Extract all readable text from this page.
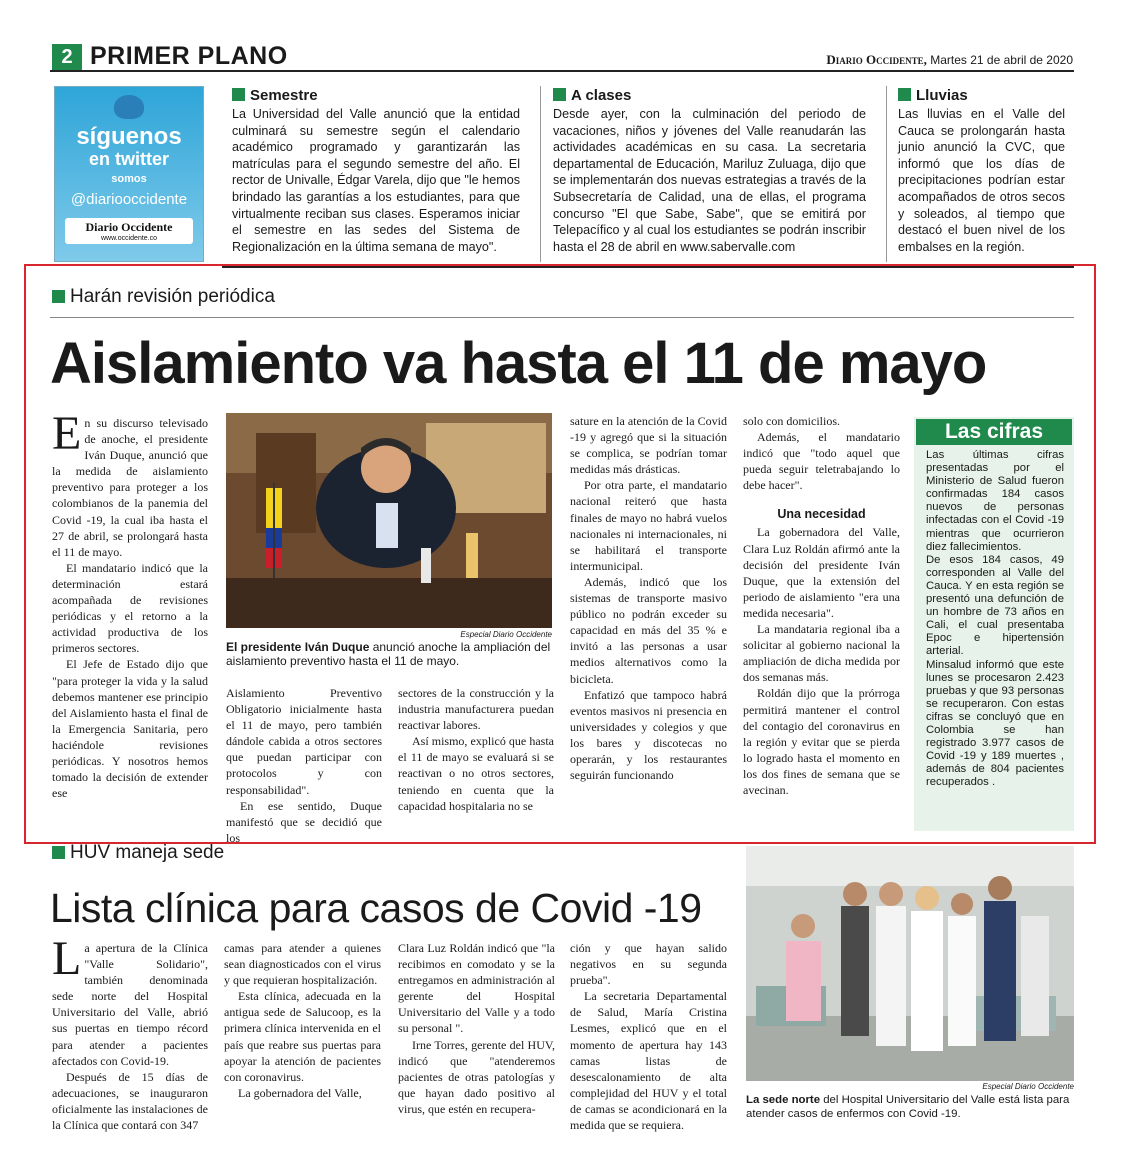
2 PRIMER PLANO	Diario Occidente, Martes 21 de abril de 2020
síguenos
en twitter
somos
@diariooccidente
Diario Occidente
www.occidente.co
Semestre

La Universidad del Valle anunció que la entidad culminará su semestre según el calendario académico programado y garantizarán las matrículas para el segundo semestre del año. El rector de Univalle, Édgar Varela, dijo que "le hemos brindado las garantías a los estudiantes, para que virtualmente reciban sus clases. Esperamos iniciar el semestre en las sedes del Sistema de Regionalización en la última semana de mayo".

A clases

Desde ayer, con la culminación del periodo de vacaciones, niños y jóvenes del Valle reanudarán las actividades académicas en su casa. La secretaria departamental de Educación, Mariluz Zuluaga, dijo que se implementarán dos nuevas estrategias a través de la Subsecretaría de Calidad, una de ellas, el programa concurso "El que Sabe, Sabe", que se emitirá por Telepacífico y al cual los estudiantes se podrán inscribir hasta el 28 de abril en www.sabervalle.com

Lluvias

Las lluvias en el Valle del Cauca se prolongarán hasta junio anunció la CVC, que informó que los días de precipitaciones podrían estar acompañados de otros secos y soleados, al tiempo que destacó el buen nivel de los embalses en la región.

Harán revisión periódica
Aislamiento va hasta el 11 de mayo

En su discurso televisado de anoche, el presidente Iván Duque, anunció que la medida de aislamiento preventivo para proteger a los colombianos de la panemia del Covid -19, la cual iba hasta el 27 de abril, se prolongará hasta el 11 de mayo.

El mandatario indicó que la determinación estará acompañada de revisiones periódicas y el retorno a la actividad productiva de los primeros sectores.

El Jefe de Estado dijo que "para proteger la vida y la salud debemos mantener ese principio del Aislamiento hasta el final de la Emergencia Sanitaria, pero haciéndole revisiones periódicas. Y nosotros hemos tomado la decisión de extender ese

Especial Diario Occidente
El presidente Iván Duque anunció anoche la ampliación del aislamiento preventivo hasta el 11 de mayo.

Aislamiento Preventivo Obligatorio inicialmente hasta el 11 de mayo, pero también dándole cabida a otros sectores que puedan participar con protocolos y con responsabilidad".

En ese sentido, Duque manifestó que se decidió que los

sectores de la construcción y la industria manufacturera puedan reactivar labores.

Así mismo, explicó que hasta el 11 de mayo se evaluará si se reactivan o no otros sectores, teniendo en cuenta que la capacidad hospitalaria no se

sature en la atención de la Covid -19 y agregó que si la situación se complica, se podrían tomar medidas más drásticas.

Por otra parte, el mandatario nacional reiteró que hasta finales de mayo no habrá vuelos nacionales ni internacionales, ni se habilitará el transporte intermunicipal.

Además, indicó que los sistemas de transporte masivo público no podrán exceder su capacidad en más del 35 % e invitó a las personas a usar medios alternativos como la bicicleta.

Enfatizó que tampoco habrá eventos masivos ni presencia en universidades y colegios y que los bares y discotecas no operarán, y los restaurantes seguirán funcionando

solo con domicilios.

Además, el mandatario indicó que "todo aquel que pueda seguir teletrabajando lo debe hacer".

Una necesidad

La gobernadora del Valle, Clara Luz Roldán afirmó ante la decisión del presidente Iván Duque, que la extensión del periodo de aislamiento "era una medida necesaria".

La mandataria regional iba a solicitar al gobierno nacional la ampliación de dicha medida por dos semanas más.

Roldán dijo que la prórroga permitirá mantener el control del contagio del coronavirus en la región y evitar que se pierda lo logrado hasta el momento en los dos fines de semana que se avecinan.

Las cifras

Las últimas cifras presentadas por el Ministerio de Salud fueron confirmadas 184 casos nuevos de personas infectadas con el Covid -19 mientras que ocurrieron diez fallecimientos.

De esos 184 casos, 49 corresponden al Valle del Cauca. Y en esta región se presentó una defunción de un hombre de 73 años en Cali, el cual presentaba Epoc e hipertensión arterial.

Minsalud informó que este lunes se procesaron 2.423 pruebas y que 93 personas se recuperaron. Con estas cifras se concluyó que en Colombia se han registrado 3.977 casos de Covid -19 y 189 muertes , además de 804 pacientes recuperados .

HUV maneja sede
Lista clínica para casos de Covid -19

La apertura de la Clínica "Valle Solidario", también denominada sede norte del Hospital Universitario del Valle, abrió sus puertas en tiempo récord para atender a pacientes afectados con Covid-19.

Después de 15 días de adecuaciones, se inauguraron oficialmente las instalaciones de la Clínica que contará con 347

camas para atender a quienes sean diagnosticados con el virus y que requieran hospitalización.

Esta clínica, adecuada en la antigua sede de Salucoop, es la primera clínica intervenida en el país que reabre sus puertas para apoyar la atención de pacientes con coronavirus.

La gobernadora del Valle,

Clara Luz Roldán indicó que "la recibimos en comodato y se la entregamos en administración al gerente del Hospital Universitario del Valle y a todo su personal ".

Irne Torres, gerente del HUV, indicó que "atenderemos pacientes de otras patologías y que hayan dado positivo al virus, que estén en recupera-

ción y que hayan salido negativos en su segunda prueba".

La secretaria Departamental de Salud, María Cristina Lesmes, explicó que en el momento de apertura hay 143 camas listas de desescalonamiento de alta complejidad del HUV y el total de camas se acondicionará en la medida que se requiera.

Especial Diario Occidente
La sede norte del Hospital Universitario del Valle está lista para atender casos de enfermos con Covid -19.
